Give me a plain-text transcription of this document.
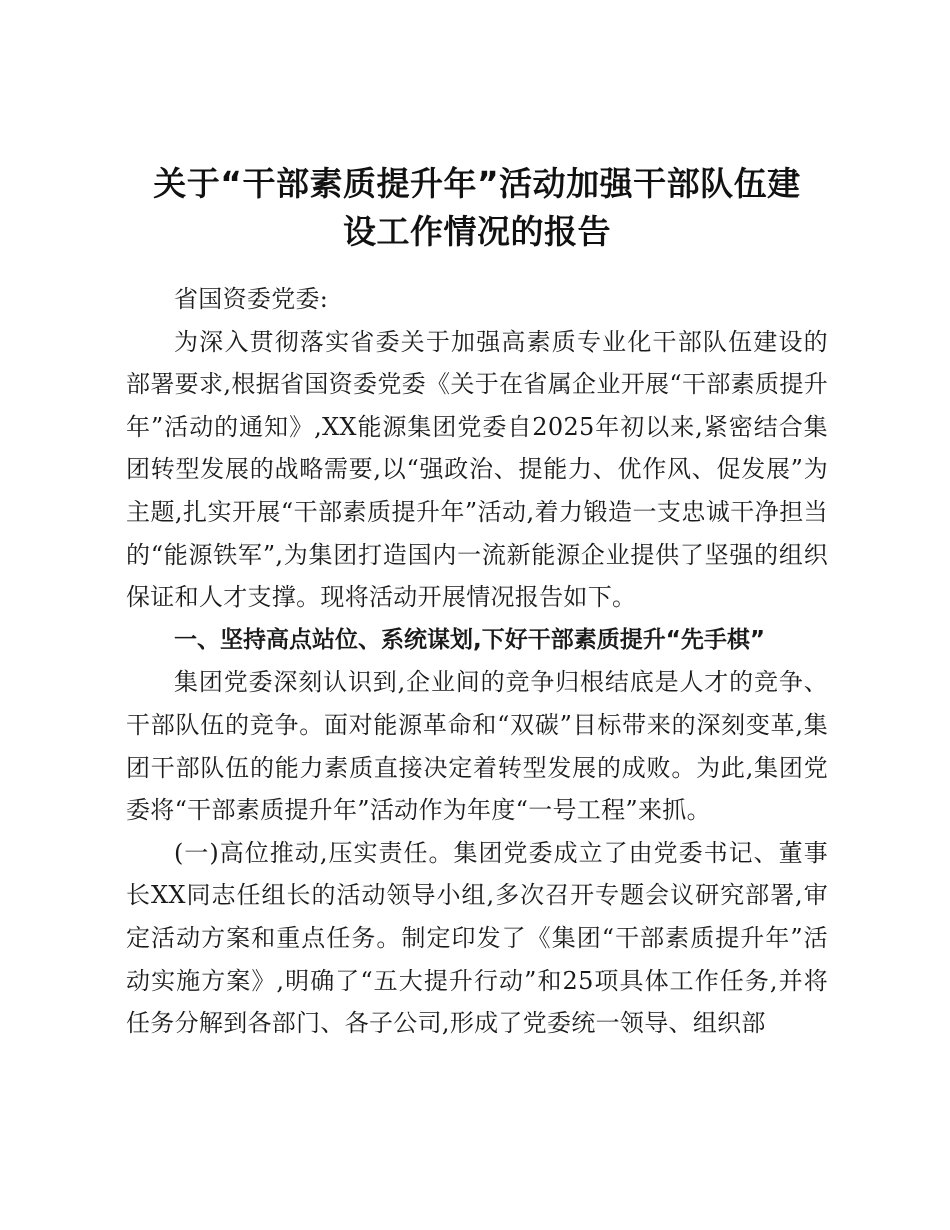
关于“干部素质提升年”活动加强干部队伍建
设工作情况的报告

省国资委党委:

为深入贯彻落实省委关于加强高素质专业化干部队伍建设的部署要求,根据省国资委党委《关于在省属企业开展“干部素质提升年”活动的通知》,XX能源集团党委自2025年初以来,紧密结合集团转型发展的战略需要,以“强政治、提能力、优作风、促发展”为主题,扎实开展“干部素质提升年”活动,着力锻造一支忠诚干净担当的“能源铁军”,为集团打造国内一流新能源企业提供了坚强的组织保证和人才支撑。现将活动开展情况报告如下。

一、坚持高点站位、系统谋划,下好干部素质提升“先手棋”

集团党委深刻认识到,企业间的竞争归根结底是人才的竞争、干部队伍的竞争。面对能源革命和“双碳”目标带来的深刻变革,集团干部队伍的能力素质直接决定着转型发展的成败。为此,集团党委将“干部素质提升年”活动作为年度“一号工程”来抓。

(一)高位推动,压实责任。集团党委成立了由党委书记、董事长XX同志任组长的活动领导小组,多次召开专题会议研究部署,审定活动方案和重点任务。制定印发了《集团“干部素质提升年”活动实施方案》,明确了“五大提升行动”和25项具体工作任务,并将任务分解到各部门、各子公司,形成了党委统一领导、组织部
